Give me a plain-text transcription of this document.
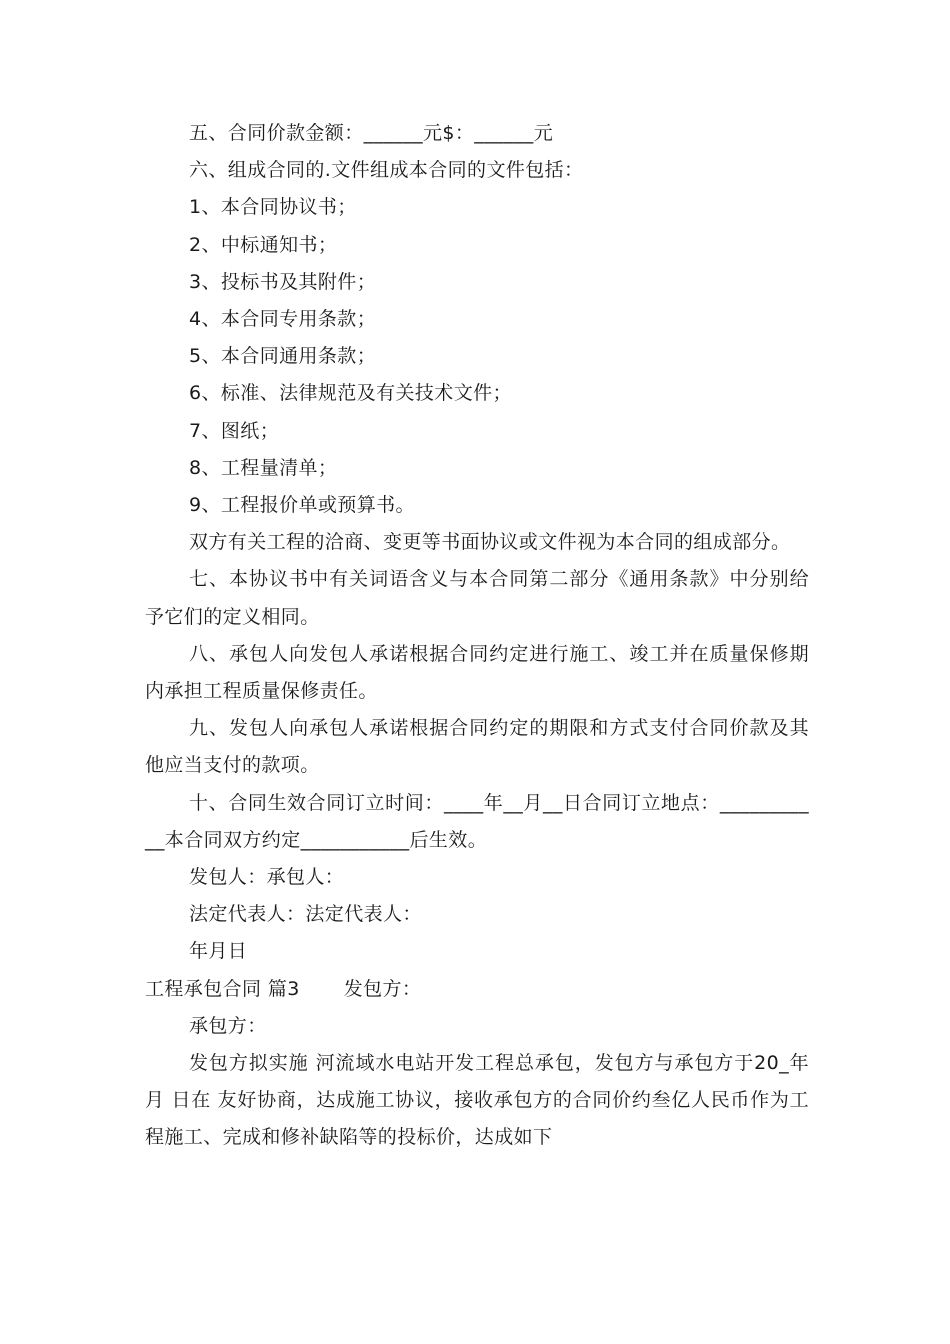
五、合同价款金额：______元$：______元

六、组成合同的.文件组成本合同的文件包括：

1、本合同协议书；

2、中标通知书；

3、投标书及其附件；

4、本合同专用条款；

5、本合同通用条款；

6、标准、法律规范及有关技术文件；

7、图纸；

8、工程量清单；

9、工程报价单或预算书。

双方有关工程的洽商、变更等书面协议或文件视为本合同的组成部分。

七、本协议书中有关词语含义与本合同第二部分《通用条款》中分别给予它们的定义相同。

八、承包人向发包人承诺根据合同约定进行施工、竣工并在质量保修期内承担工程质量保修责任。

九、发包人向承包人承诺根据合同约定的期限和方式支付合同价款及其他应当支付的款项。

十、合同生效合同订立时间：____年__月__日合同订立地点：___________本合同双方约定___________后生效。

发包人：承包人：

法定代表人：法定代表人：

年月日

工程承包合同 篇3 发包方：

承包方：

发包方拟实施 河流域水电站开发工程总承包，发包方与承包方于20_年 月 日在 友好协商，达成施工协议，接收承包方的合同价约叁亿人民币作为工程施工、完成和修补缺陷等的投标价，达成如下
